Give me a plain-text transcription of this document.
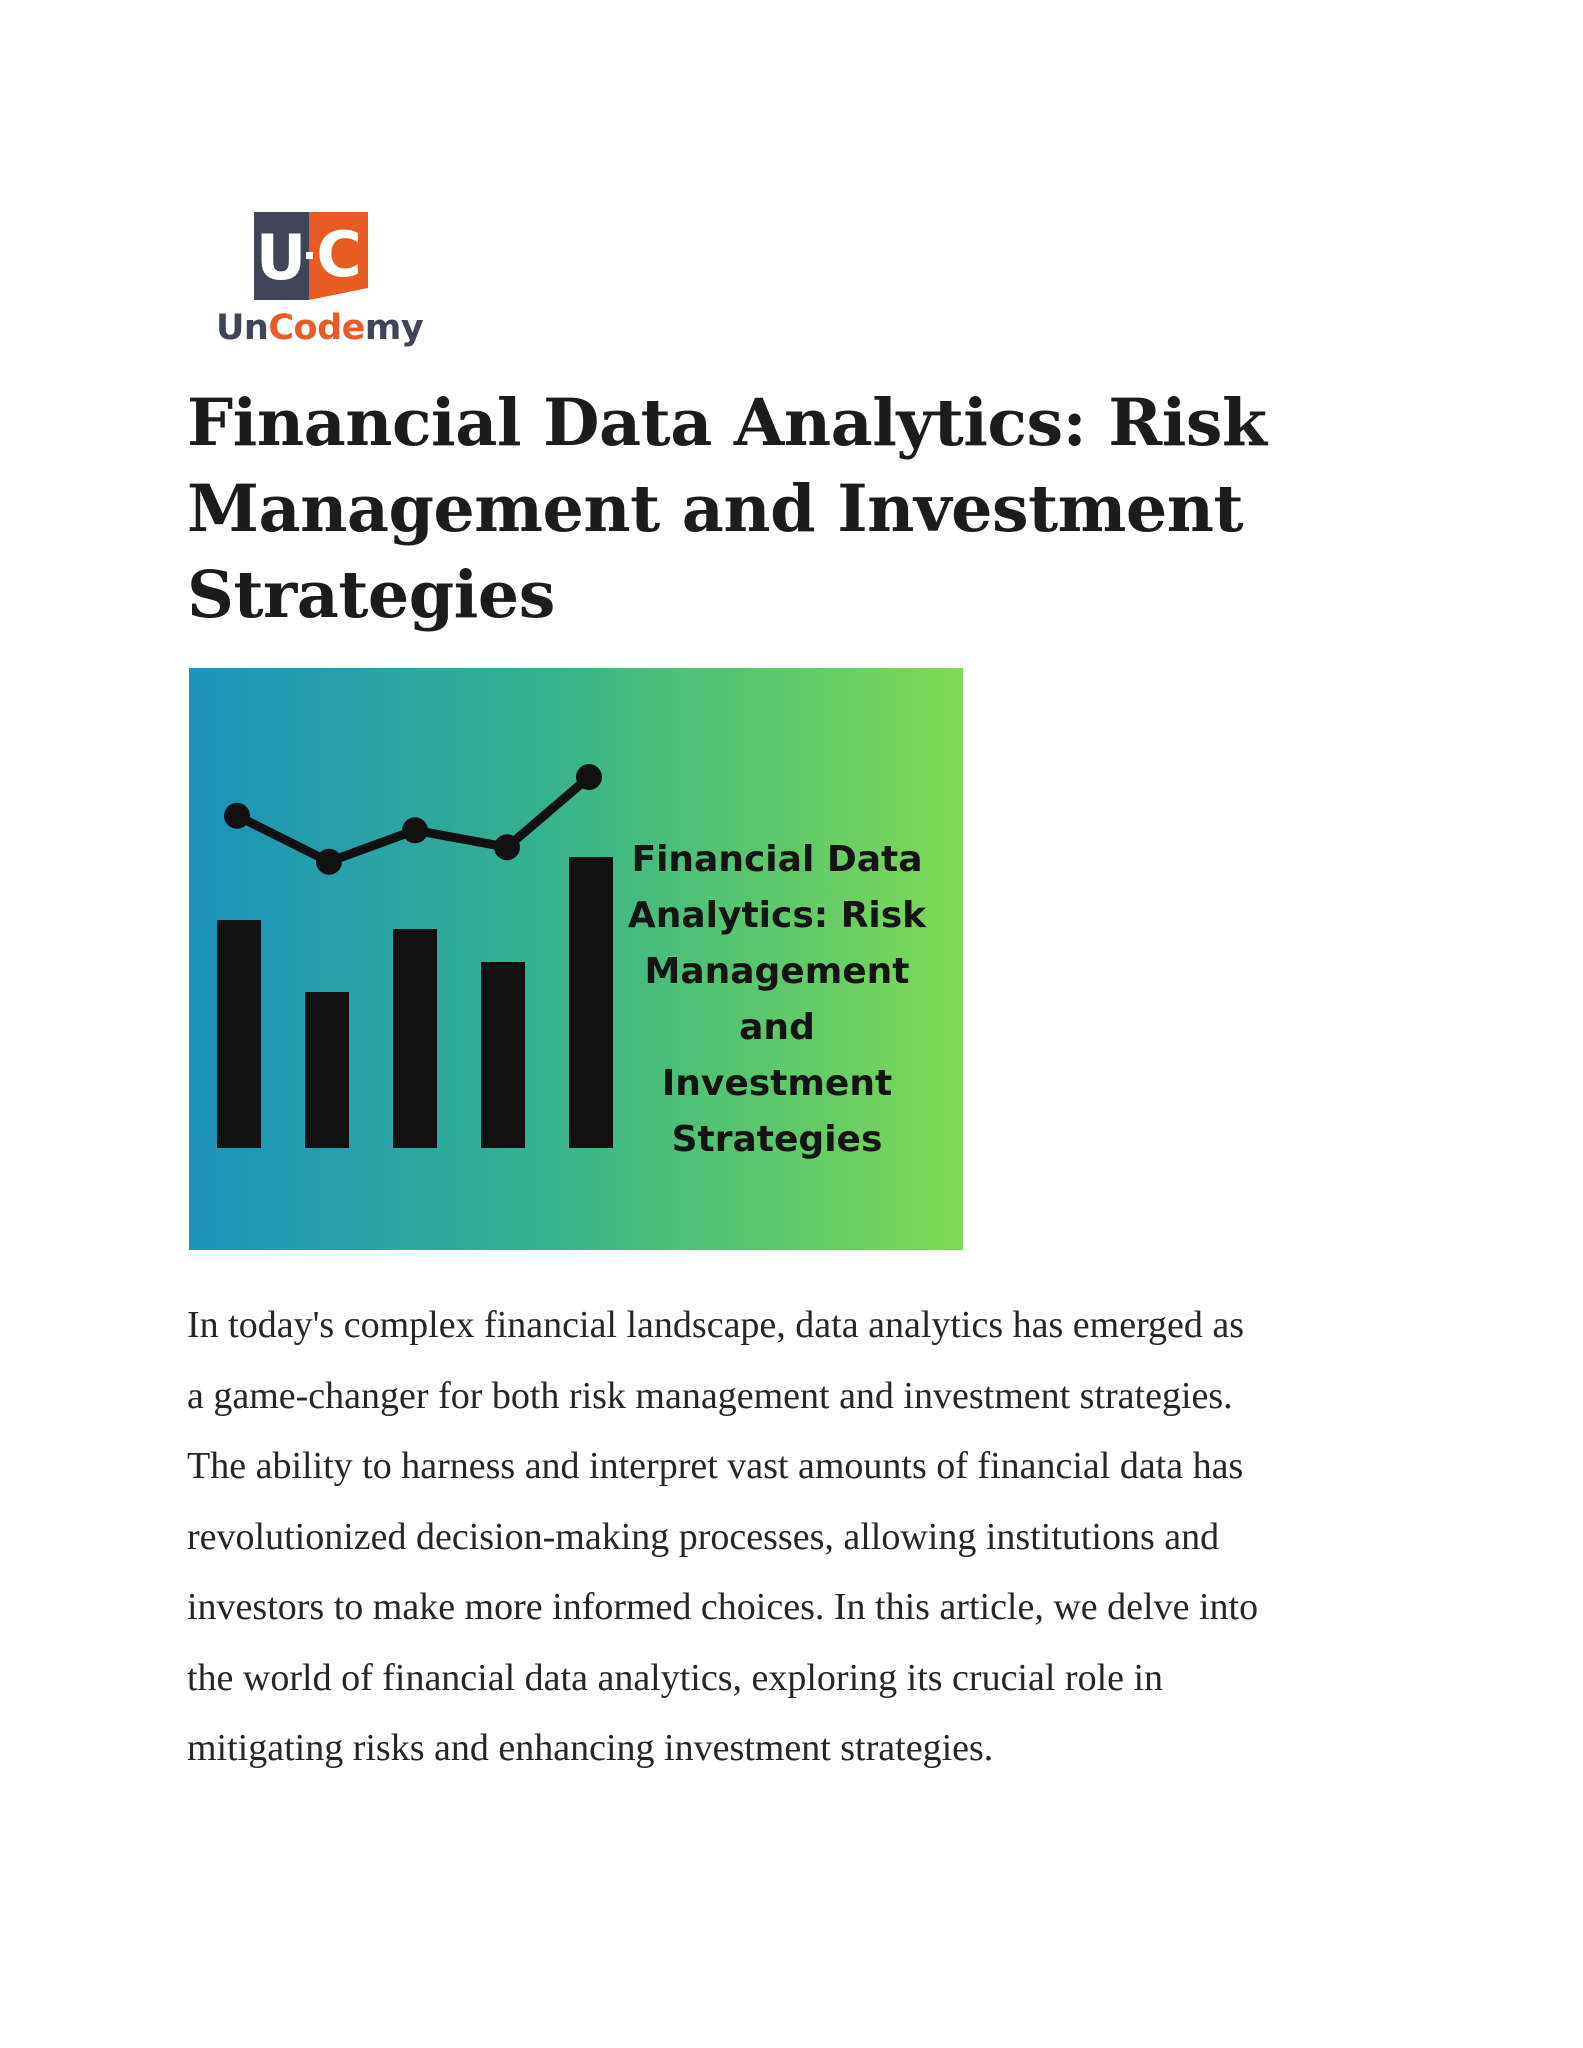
U C
UnCodemy
Financial Data Analytics: Risk
Management and Investment
Strategies
Financial Data
Analytics: Risk
Management
and
Investment
Strategies

In today's complex financial landscape, data analytics has emerged as
a game-changer for both risk management and investment strategies.
The ability to harness and interpret vast amounts of financial data has
revolutionized decision-making processes, allowing institutions and
investors to make more informed choices. In this article, we delve into
the world of financial data analytics, exploring its crucial role in
mitigating risks and enhancing investment strategies.
